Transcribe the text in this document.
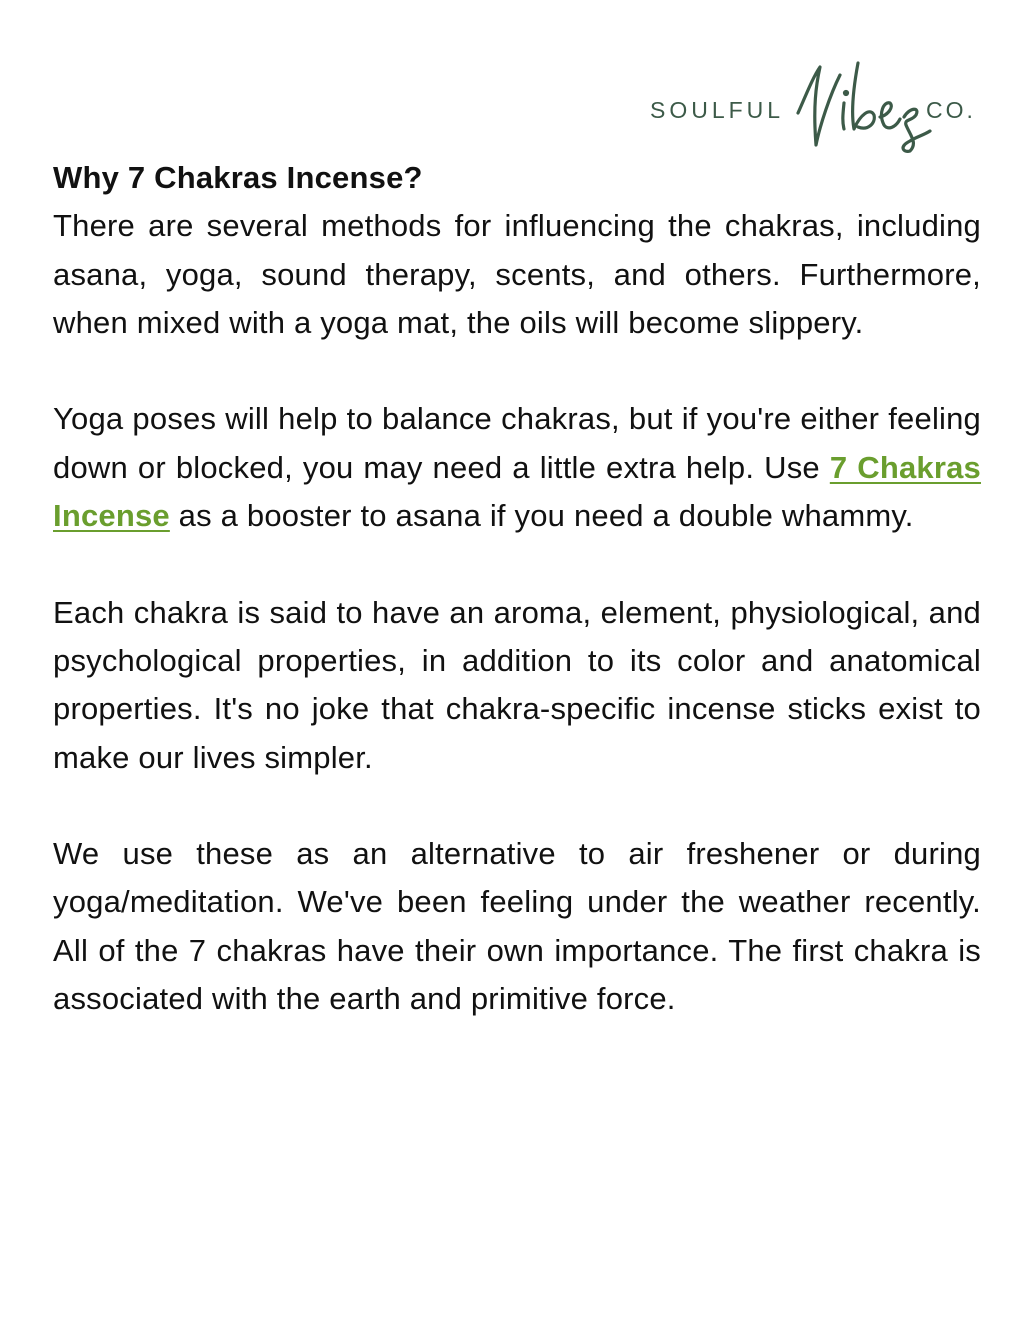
SOULFUL	CO.

Why 7 Chakras Incense?

There are several methods for influencing the chakras, including asana, yoga, sound therapy, scents, and others. Furthermore, when mixed with a yoga mat, the oils will become slippery.

Yoga poses will help to balance chakras, but if you're either feeling down or blocked, you may need a little extra help. Use 7 Chakras Incense as a booster to asana if you need a double whammy.

Each chakra is said to have an aroma, element, physiological, and psychological properties, in addition to its color and anatomical properties. It's no joke that chakra-specific incense sticks exist to make our lives simpler.

We use these as an alternative to air freshener or during yoga/meditation. We've been feeling under the weather recently. All of the 7 chakras have their own importance. The first chakra is associated with the earth and primitive force.
